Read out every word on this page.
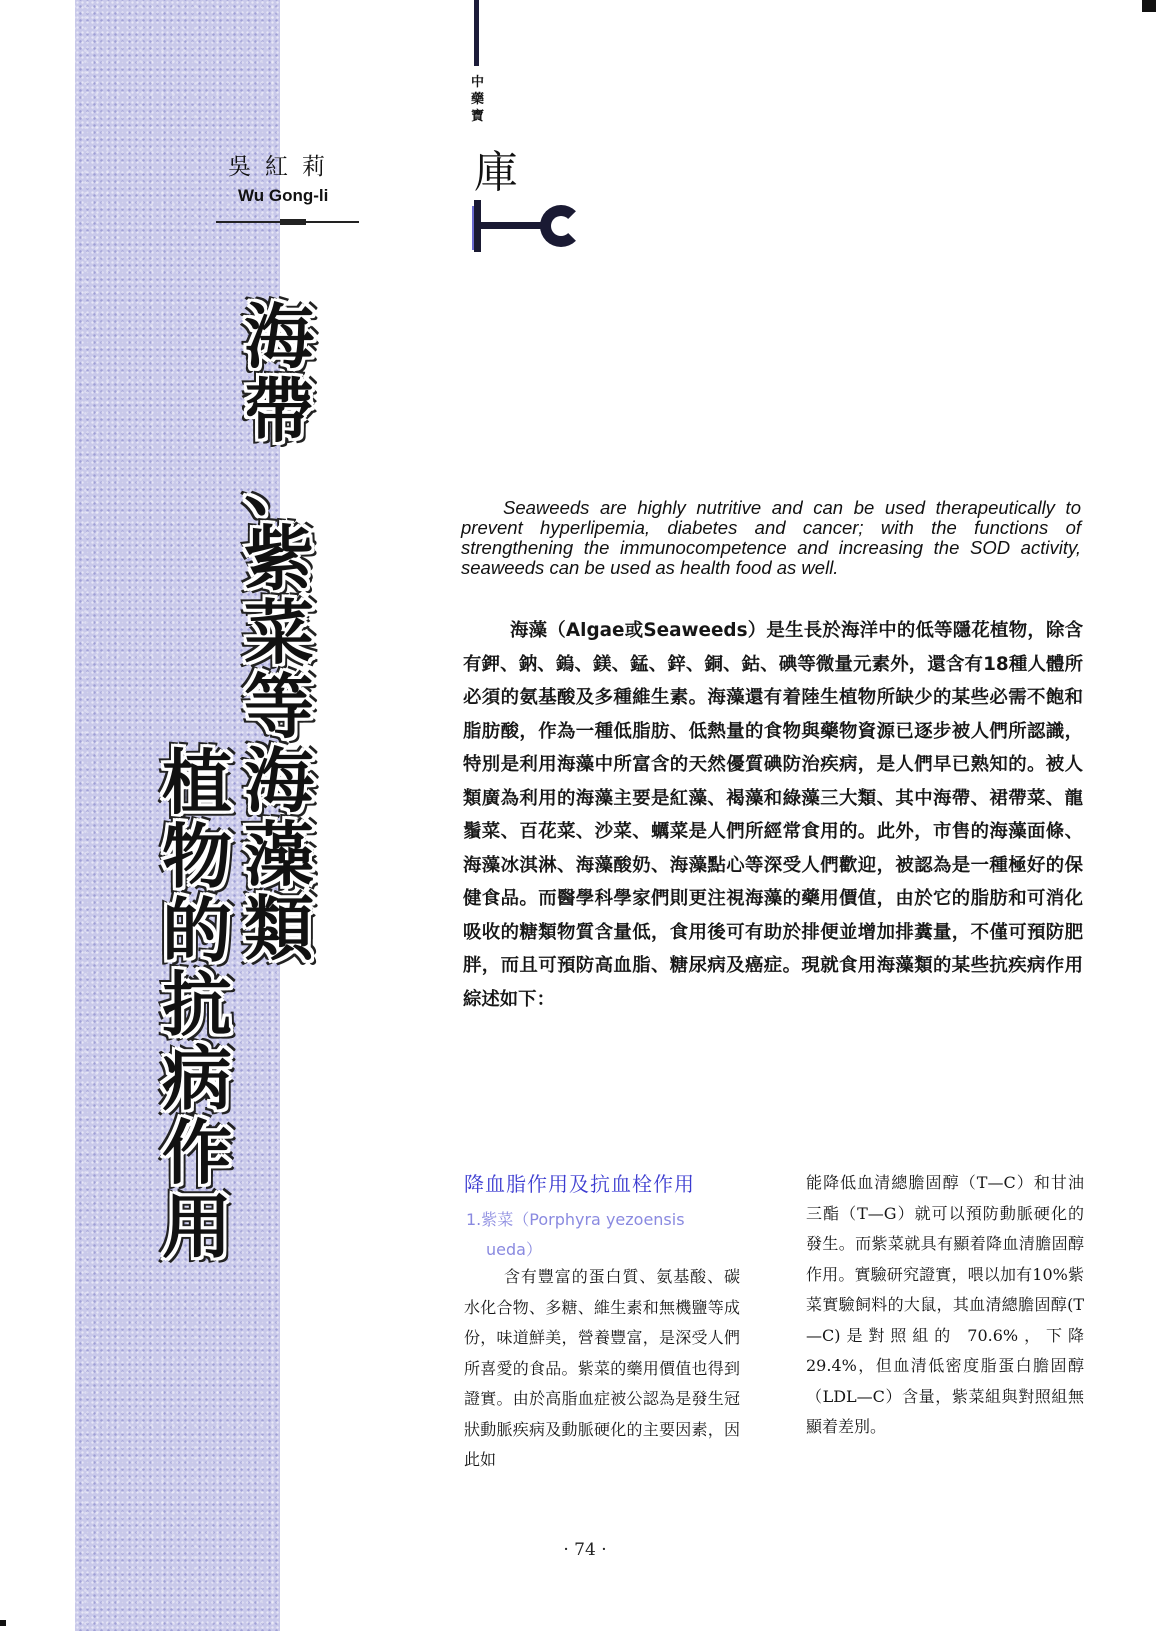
吳紅莉
Wu Gong-li
海
帶
、
紫
菜
等
海
藻
類
植
物
的
抗
病
作
用
中藥寶
庫
Seaweeds are highly nutritive and can be used therapeutically to prevent hyperlipemia, diabetes and cancer; with the functions of strengthening the immunocompetence and increasing the SOD activity, seaweeds can be used as health food as well.
海藻（Algae或Seaweeds）是生長於海洋中的低等隱花植物，除含有鉀、鈉、鎢、鎂、錳、鋅、銅、鈷、碘等微量元素外，還含有18種人體所必須的氨基酸及多種維生素。海藻還有着陸生植物所缺少的某些必需不飽和脂肪酸，作為一種低脂肪、低熱量的食物與藥物資源已逐步被人們所認識，特別是利用海藻中所富含的天然優質碘防治疾病，是人們早已熟知的。被人類廣為利用的海藻主要是紅藻、褐藻和綠藻三大類、其中海帶、裙帶菜、龍鬚菜、百花菜、沙菜、蠣菜是人們所經常食用的。此外，市售的海藻面條、海藻冰淇淋、海藻酸奶、海藻點心等深受人們歡迎，被認為是一種極好的保健食品。而醫學科學家們則更注視海藻的藥用價值，由於它的脂肪和可消化吸收的糖類物質含量低，食用後可有助於排便並增加排糞量，不僅可預防肥胖，而且可預防高血脂、糖尿病及癌症。現就食用海藻類的某些抗疾病作用綜述如下：
降血脂作用及抗血栓作用
1.紫菜（Porphyra yezoensis
ueda）
含有豐富的蛋白質、氨基酸、碳水化合物、多糖、維生素和無機鹽等成份，味道鮮美，營養豐富，是深受人們所喜愛的食品。紫菜的藥用價值也得到證實。由於高脂血症被公認為是發生冠狀動脈疾病及動脈硬化的主要因素，因此如
能降低血清總膽固醇（T—C）和甘油三酯（T—G）就可以預防動脈硬化的發生。而紫菜就具有顯着降血清膽固醇作用。實驗研究證實，喂以加有10%紫菜實驗飼料的大鼠，其血清總膽固醇(T—C)是對照組的 70.6%，下降29.4%，但血清低密度脂蛋白膽固醇（LDL—C）含量，紫菜組與對照組無顯着差別。
· 74 ·
